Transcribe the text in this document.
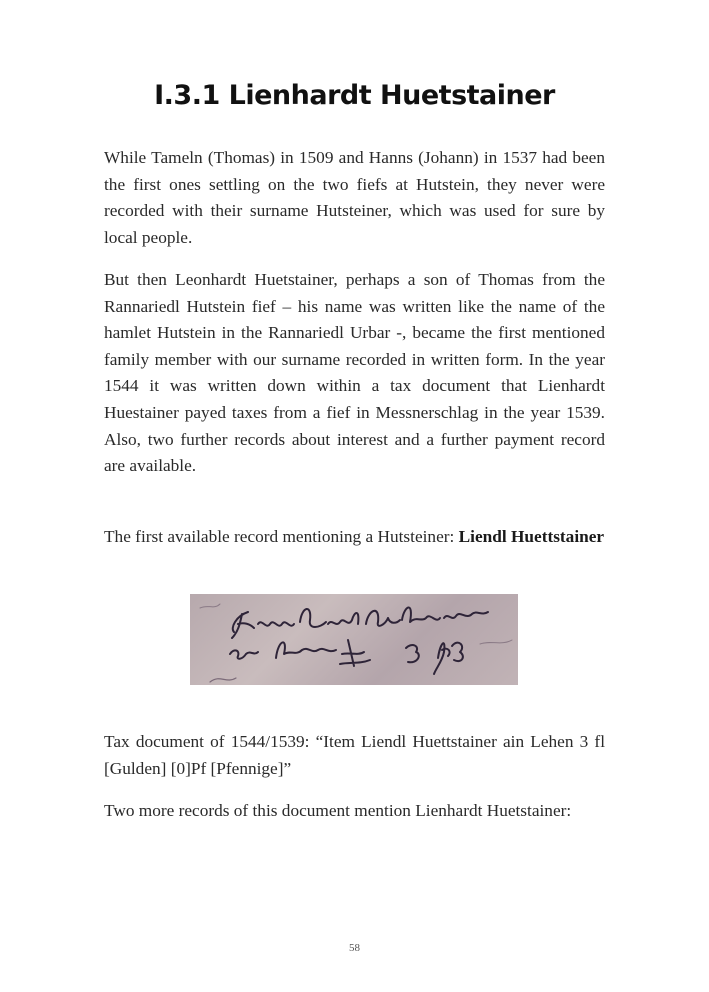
I.3.1 Lienhardt Huetstainer

While Tameln (Thomas) in 1509 and Hanns (Johann) in 1537 had been the first ones settling on the two fiefs at Hutstein, they never were recorded with their surname Hutsteiner, which was used for sure by local people.

But then Leonhardt Huetstainer, perhaps a son of Thomas from the Rannariedl Hutstein fief – his name was written like the name of the hamlet Hutstein in the Rannariedl Urbar -, became the first mentioned family member with our surname recorded in written form. In the year 1544 it was written down within a tax document that Lienhardt Huestainer payed taxes from a fief in Messnerschlag in the year 1539. Also, two further records about interest and a further payment record are available.

The first available record mentioning a Hutsteiner: Liendl Huettstainer

Tax document of 1544/1539: “Item Liendl Huettstainer ain Lehen 3 fl [Gulden] [0]Pf [Pfennige]”

Two more records of this document mention Lienhardt Huetstainer:

58
